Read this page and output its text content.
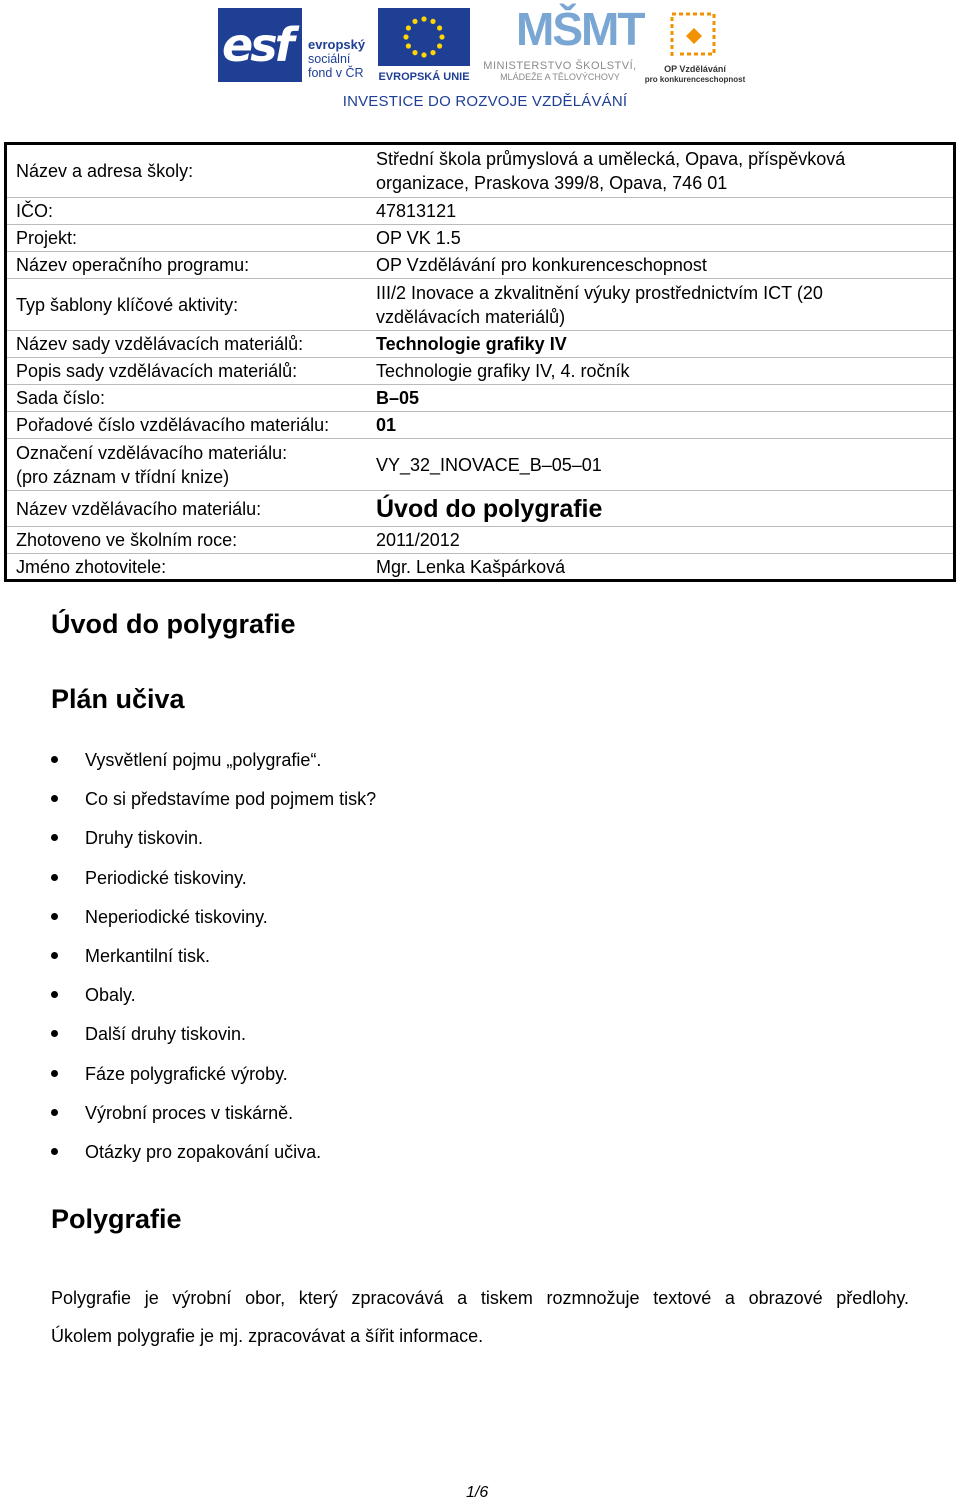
esf evropský
sociální
fond v ČR	EVROPSKÁ UNIE
MŠMT
MINISTERSTVO ŠKOLSTVÍ,
MLÁDEŽE A TĚLOVÝCHOVY
OP Vzdělávání
pro konkurenceschopnost
INVESTICE DO ROZVOJE VZDĚLÁVÁNÍ
Název a adresa školy:	Střední škola průmyslová a umělecká, Opava, příspěvková
organizace, Praskova 399/8, Opava, 746 01

IČO:	47813121
Projekt:	OP VK 1.5
Název operačního programu:	OP Vzdělávání pro konkurenceschopnost
Typ šablony klíčové aktivity:	III/2 Inovace a zkvalitnění výuky prostřednictvím ICT (20
vzdělávacích materiálů)

Název sady vzdělávacích materiálů:	Technologie grafiky IV
Popis sady vzdělávacích materiálů:	Technologie grafiky IV, 4. ročník
Sada číslo:	B–05
Pořadové číslo vzdělávacího materiálu:	01

Označení vzdělávacího materiálu:
(pro záznam v třídní knize)	VY_32_INOVACE_B–05–01
Název vzdělávacího materiálu:	Úvod do polygrafie
Zhotoveno ve školním roce:	2011/2012
Jméno zhotovitele:	Mgr. Lenka Kašpárková
Úvod do polygrafie
Plán učiva
Vysvětlení pojmu „polygrafie“.
Co si představíme pod pojmem tisk?
Druhy tiskovin.
Periodické tiskoviny.
Neperiodické tiskoviny.
Merkantilní tisk.
Obaly.
Další druhy tiskovin.
Fáze polygrafické výroby.
Výrobní proces v tiskárně.
Otázky pro zopakování učiva.
Polygrafie
Polygrafie je výrobní obor, který zpracovává a tiskem rozmnožuje textové a obrazové předlohy.
Úkolem polygrafie je mj. zpracovávat a šířit informace.
1/6
